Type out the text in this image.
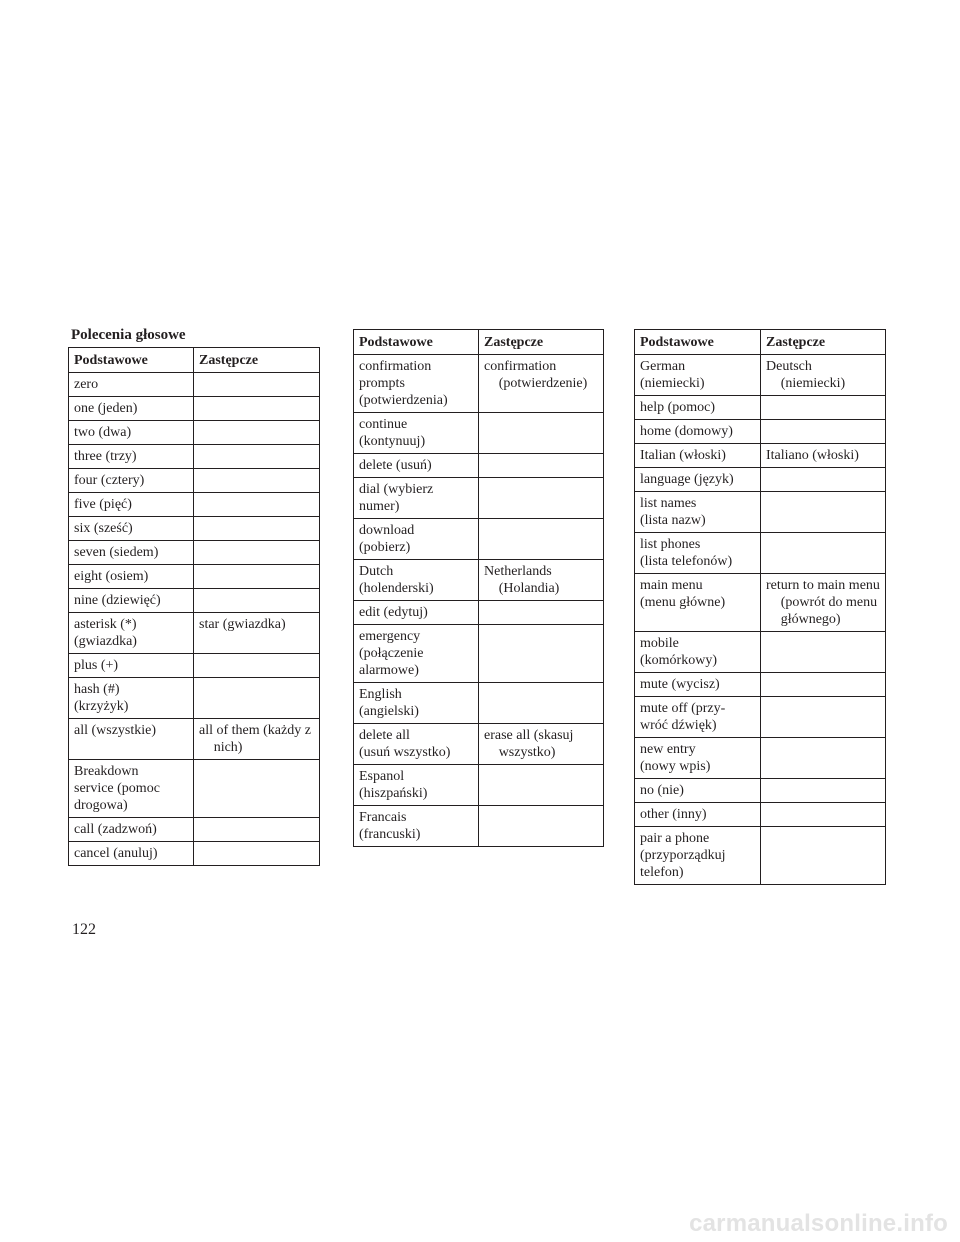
Polecenia głosowe
Podstawowe	Zastępcze
zero	

one (jeden)	

two (dwa)	

three (trzy)	

four (cztery)	

five (pięć)	

six (sześć)	

seven (siedem)	

eight (osiem)	

nine (dziewięć)	

asterisk (*)
(gwiazdka)	star (gwiazdka)

plus (+)	

hash (#)
(krzyżyk)	

all (wszystkie)	all of them (każdy z nich)

Breakdown
service (pomoc
drogowa)	

call (zadzwoń)	

cancel (anuluj)	
Podstawowe	Zastępcze
confirmation
prompts
(potwierdzenia)	confirmation
(potwierdzenie)

continue
(kontynuuj)	

delete (usuń)	

dial (wybierz
numer)	

download
(pobierz)	

Dutch
(holenderski)	Netherlands
(Holandia)

edit (edytuj)	

emergency
(połączenie
alarmowe)	

English
(angielski)	

delete all
(usuń wszystko)	erase all (skasuj wszystko)

Espanol
(hiszpański)	

Francais
(francuski)	
Podstawowe	Zastępcze
German
(niemiecki)	Deutsch
(niemiecki)

help (pomoc)	

home (domowy)	

Italian (włoski)	Italiano (włoski)

language (język)	

list names
(lista nazw)	

list phones
(lista telefonów)	

main menu
(menu główne)	return to main menu (powrót do menu głównego)

mobile
(komórkowy)	

mute (wycisz)	

mute off (przy-
wróć dźwięk)	

new entry
(nowy wpis)	

no (nie)	

other (inny)	

pair a phone
(przyporządkuj
telefon)	
122
carmanualsonline.info
